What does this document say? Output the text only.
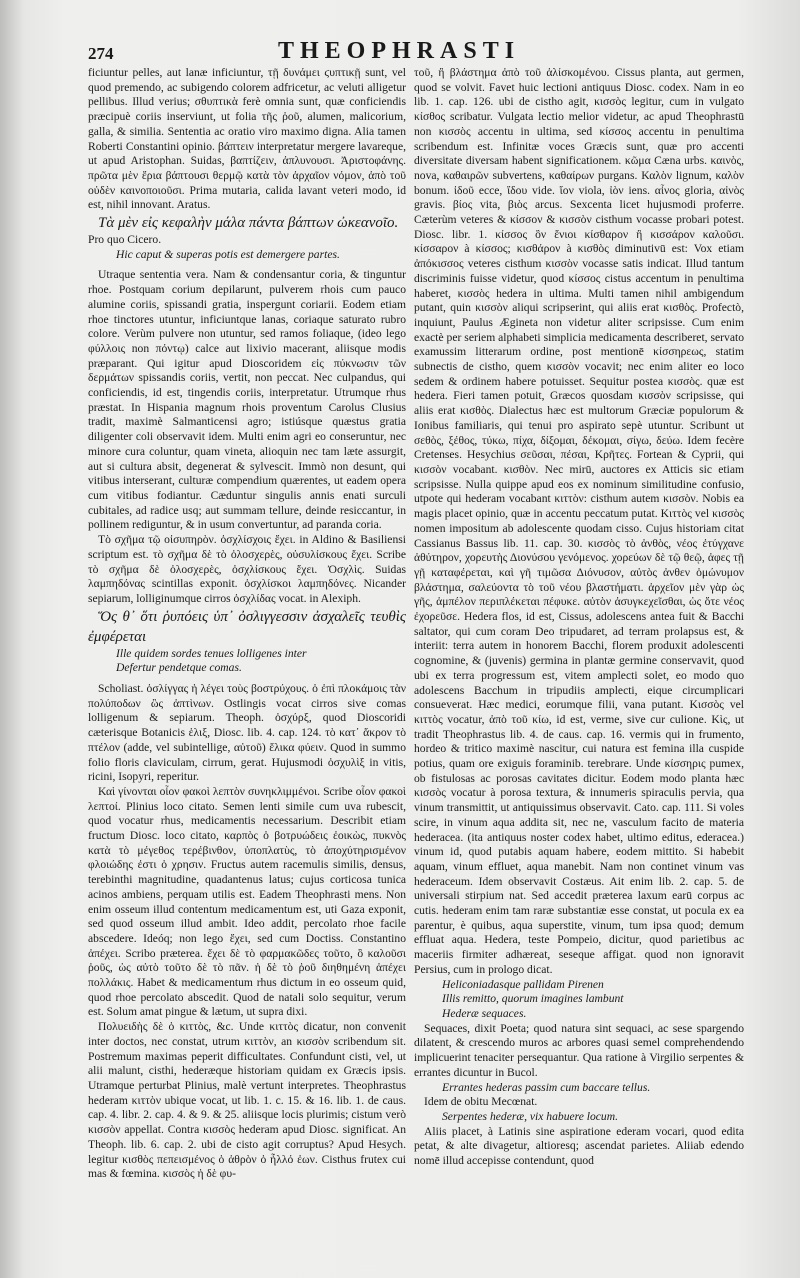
274	THEOPHRASTI

ficiuntur pelles, aut lanæ inficiuntur, τῇ δυνάμει ϛυπτικῇ sunt, vel quod premendo, ac subigendo colorem adfricetur, ac veluti alligetur pellibus. Illud verius; σθυπτικὰ ferè omnia sunt, quæ conficiendis præcipuè coriis inserviunt, ut folia τῆς ῥοῦ, alumen, malicorium, galla, & similia. Sententia ac oratio viro maximo digna. Alia tamen Roberti Constantini opinio. βάπτειν interpretatur mergere lavareque, ut apud Aristophan. Suidas, βαπτίζειν, ἀπλυνουσι. Ἀριστοφάνης. πρῶτα μὲν ἔρια βάπτουσι θερμῷ κατὰ τὸν ἀρχαῖον νόμον, ἀπὸ τοῦ οὐδὲν καινοποιοῦσι. Prima mutaria, calida lavant veteri modo, id est, nihil innovant. Aratus.

Τὰ μὲν εἰς κεφαλὴν μάλα πάντα βάπτων ὠκεανοῖο.

Pro quo Cicero.

Hic caput & superas potis est demergere partes.

Utraque sententia vera. Nam & condensantur coria, & tinguntur rhoe. Postquam corium depilarunt, pulverem rhois cum pauco alumine coriis, spissandi gratia, inspergunt coriarii. Eodem etiam rhoe tinctores utuntur, inficiuntque lanas, coriaque saturato rubro colore. Verùm pulvere non utuntur, sed ramos foliaque, (ideo lego φύλλοις non πόντῳ) calce aut lixivio macerant, aliisque modis præparant. Qui igitur apud Dioscoridem εἰς πύκνωσιν τῶν δερμάτων spissandis coriis, vertit, non peccat. Nec culpandus, qui conficiendis, id est, tingendis coriis, interpretatur. Utrumque rhus præstat. In Hispania magnum rhois proventum Carolus Clusius tradit, maximè Salmanticensi agro; istiúsque quæstus gratia diligenter coli observavit idem. Multi enim agri eo conseruntur, nec minore cura coluntur, quam vineta, alioquin nec tam læte assurgit, aut si cultura absit, degenerat & sylvescit. Immò non desunt, qui vitibus interserant, culturæ compendium quærentes, ut eadem opera cum vitibus fodiantur. Cæduntur singulis annis enati surculi cubitales, ad radice usq; aut summam tellure, deinde resiccantur, in pollinem rediguntur, & in usum convertuntur, ad paranda coria.

Τὸ σχῆμα τῷ οἰσυπηρὸν. ὀσχλίσχοις ἔχει. in Aldino & Basiliensi scriptum est. τὸ σχῆμα δὲ τὸ ὀλοσχερὲς, οὐσυλίσκους ἔχει. Scribe τὸ σχῆμα δὲ ὀλοσχερὲς, ὀσχλίσκους ἔχει. Ὀσχλὶς. Suidas λαμπηδόνας scintillas exponit. ὀσχλίσκοι λαμπηδόνες. Nicander sepiarum, lolliginumque cirros ὀσχλίδας vocat. in Alexiph.

Ὅς θ᾽ ὅτι ῥυπόεις ὑπ᾽ ὀσλιγγεσσιν ἀσχαλεῖς τευθὶς ἐμφέρεται

Ille quidem sordes tenues lolligenes inter

Defertur pendetque comas.

Scholiast. ὀσλίγγας ἡ λέγει τοὺς βοστρύχους. ὁ ἐπὶ πλοκάμοις τὰν πολύποδων ὣς ἀπτὶνων. Ostlingis vocat cirros sive comas lolligenum & sepiarum. Theoph. ὀσχύρξ, quod Dioscoridi cæterisque Botanicis ἑλιξ, Diosc. lib. 4. cap. 124. τὸ κατ᾽ ἄκρον τὸ πτέλον (adde, vel subintellige, αὐτοῦ) ἕλικα φύειν. Quod in summo folio floris claviculam, cirrum, gerat. Hujusmodi ὀσχυλὶξ in vitis, ricini, Isopyri, reperitur.

Καὶ γίνονται οἷον φακοὶ λεπτὸν συνηκλιμμένοι. Scribe οἷον φακοὶ λεπτοί. Plinius loco citato. Semen lenti simile cum uva rubescit, quod vocatur rhus, medicamentis necessarium. Describit etiam fructum Diosc. loco citato, καρπὸς ὁ βοτρυώδεις ἐοικὼς, πυκνὸς κατὰ τὸ μέγεθος τερέβινθον, ὑποπλατὺς, τὸ ἀποχύτηρισμένον φλοιώδης ἐστι ὁ χρησιν. Fructus autem racemulis similis, densus, terebinthi magnitudine, quadantenus latus; cujus corticosa tunica acinos ambiens, perquam utilis est. Eadem Theophrasti mens. Non enim osseum illud contentum medicamentum est, uti Gaza exponit, sed quod osseum illud ambit. Ideo addit, percolato rhoe facile abscedere. Ideóq; non lego ἔχει, sed cum Doctiss. Constantino ἀπέχει. Scribo præterea. ἔχει δὲ τὸ φαρμακῶδες τοῦτο, ὃ καλοῦσι ῥοῦς, ὡς αὐτὸ τοῦτο δὲ τὸ πᾶν. ἡ δὲ τὸ ῥοῦ διηθημένη ἀπέχει πολλάκις. Habet & medicamentum rhus dictum in eo osseum quid, quod rhoe percolato abscedit. Quod de natali solo sequitur, verum est. Solum amat pingue & lætum, ut supra dixi.

Πολυειδὴς δὲ ὁ κιττὸς, &c. Unde κιττὸς dicatur, non convenit inter doctos, nec constat, utrum κιττὸν, an κισσὸν scribendum sit. Postremum maximas peperit difficultates. Confundunt cisti, vel, ut alii malunt, cisthi, hederæque historiam quidam ex Græcis ipsis. Utramque perturbat Plinius, malè vertunt interpretes. Theophrastus hederam κιττὸν ubique vocat, ut lib. 1. c. 15. & 16. lib. 1. de caus. cap. 4. libr. 2. cap. 4. & 9. & 25. aliisque locis plurimis; cistum verò κισσὸν appellat. Contra κισσὸς hederam apud Diosc. significat. An Theoph. lib. 6. cap. 2. ubi de cisto agit corruptus? Apud Hesych. legitur κισθὸς πεπεισμένος ὁ ἀθρὸν ὁ ἦλλό ἐων. Cisthus frutex cui mas & fœmina. κισσὸς ἡ δὲ φυ-

τοῦ, ἢ βλάστημα ἀπὸ τοῦ ἀλίσκομένου. Cissus planta, aut germen, quod se volvit. Favet huic lectioni antiquus Diosc. codex. Nam in eo lib. 1. cap. 126. ubi de cistho agit, κισσὸς legitur, cum in vulgato κίσθος scribatur. Vulgata lectio melior videtur, ac apud Theophrastū non κισσὸς accentu in ultima, sed κίσσος accentu in penultima scribendum est. Infinitæ voces Græcis sunt, quæ pro accenti diversitate diversam habent significationem. κῶμα Cæna urbs. καινὸς, nova, καθαιρῶν subvertens, καθαίρων purgans. Καλὸν lignum, καλὸν bonum. ἰδοῦ ecce, ἴδου vide. ἴον viola, ἰὸν iens. αἶνος gloria, αἰνὸς gravis. βίος vita, βιὸς arcus. Sexcenta licet hujusmodi proferre. Cæterùm veteres & κίσσον & κισσὸν cisthum vocasse probari potest. Diosc. libr. 1. κίσσος ὃν ἔνιοι κίσθαρον ἢ κισσάρον καλοῦσι. κίσσαρον à κίσσος; κισθάρον à κισθὸς diminutivū est: Vox etiam ἀπόκισσος veteres cisthum κισσὸν vocasse satis indicat. Illud tantum discriminis fuisse videtur, quod κίσσος cistus accentum in penultima haberet, κισσὸς hedera in ultima. Multi tamen nihil ambigendum putant, quin κισσὸν aliqui scripserint, qui aliis erat κισθὸς. Profectò, inquiunt, Paulus Ægineta non videtur aliter scripsisse. Cum enim exactè per seriem alphabeti simplicia medicamenta describeret, servato examussim litterarum ordine, post mentionē κίσσηρεως, statim subnectis de cistho, quem κισσὸν vocavit; nec enim aliter eo loco sedem & ordinem habere potuisset. Sequitur postea κισσὸς. quæ est hedera. Fieri tamen potuit, Græcos quosdam κισσὸν scripsisse, qui aliis erat κισθὸς. Dialectus hæc est multorum Græciæ populorum & Ionibus familiaris, qui tenui pro aspirato sepè utuntur. Scribunt ut σεθὸς, ξέθος, τύκω, πίχα, δίξομαι, δέκομαι, σίγω, δεύω. Idem fecère Cretenses. Hesychius σεῦσαι, πέσαι, Κρῆτες. Fortean & Cyprii, qui κισσὸν vocabant. κισθὸν. Nec mirū, auctores ex Atticis sic etiam scripsisse. Nulla quippe apud eos ex nominum similitudine confusio, utpote qui hederam vocabant κιττὸν: cisthum autem κισσὸν. Nobis ea magis placet opinio, quæ in accentu peccatum putat. Κιττὸς vel κισσὸς nomen impositum ab adolescente quodam cisso. Cujus historiam citat Cassianus Bassus lib. 11. cap. 30. κισσὸς τὸ ἀνθὸς, νέος ἐτύγχανε ἀθύτηρον, χορευτὴς Διονύσου γενόμενος. χορεύων δὲ τῷ θεῷ, ἀφες τῇ γῇ καταφέρεται, καὶ γῆ τιμῶσα Διόνυσον, αὐτὸς ἀνθεν ὁμώνυμον βλάστημα, σαλεύοντα τὸ τοῦ νέου βλαστήματι. ἀρχεῖον μὲν γὰρ ὡς γῆς, ἀμπέλον περιπλέκεται πέφυκε. αὐτὸν ἀσυγκεχεῖσθαι, ὡς ὅτε νέος ἐχορεῦσε. Hedera flos, id est, Cissus, adolescens antea fuit & Bacchi saltator, qui cum coram Deo tripudaret, ad terram prolapsus est, & interiit: terra autem in honorem Bacchi, florem produxit adolescenti cognomine, & (juvenis) germina in plantæ germine conservavit, quod ubi ex terra progressum est, vitem amplecti solet, eo modo quo adolescens Bacchum in tripudiis amplecti, eique circumplicari consueverat. Hæc medici, eorumque filii, vana putant. Κισσὸς vel κιττὸς vocatur, ἀπὸ τοῦ κίω, id est, verme, sive cur culione. Κὶς, ut tradit Theophrastus lib. 4. de caus. cap. 16. vermis qui in frumento, hordeo & tritico maximè nascitur, cui natura est femina illa cuspide potius, quam ore exiguis foraminib. terebrare. Unde κίσσηρις pumex, ob fistulosas ac porosas cavitates dicitur. Eodem modo planta hæc κισσὸς vocatur à porosa textura, & innumeris spiraculis pervia, qua vinum transmittit, ut antiquissimus observavit. Cato. cap. 111. Si voles scire, in vinum aqua addita sit, nec ne, vasculum facito de materia hederacea. (ita antiquus noster codex habet, ultimo editus, ederacea.) vinum id, quod putabis aquam habere, eodem mittito. Si habebit aquam, vinum effluet, aqua manebit. Nam non continet vinum vas hederaceum. Idem observavit Costæus. Ait enim lib. 2. cap. 5. de universali stirpium nat. Sed accedit præterea laxum earū corpus ac cutis. hederam enim tam raræ substantiæ esse constat, ut pocula ex ea parentur, è quibus, aqua superstite, vinum, tum ipsa quod; demum effluat aqua. Hedera, teste Pompeio, dicitur, quod parietibus ac maceriis firmiter adhæreat, seseque affigat. quod non ignoravit Persius, cum in prologo dicat.

Heliconiadasque pallidam Pirenen

Illis remitto, quorum imagines lambunt

Hederæ sequaces.

Sequaces, dixit Poeta; quod natura sint sequaci, ac sese spargendo dilatent, & crescendo muros ac arbores quasi semel comprehendendo implicuerint tenaciter persequantur. Qua ratione à Virgilio serpentes & errantes dicuntur in Bucol.

Errantes hederas passim cum baccare tellus.

Idem de obitu Mecœnat.

Serpentes hederæ, vix habuere locum.

Aliis placet, à Latinis sine aspiratione ederam vocari, quod edita petat, & alte divagetur, altioresq; ascendat parietes. Aliiab edendo nomē illud accepisse contendunt, quod
